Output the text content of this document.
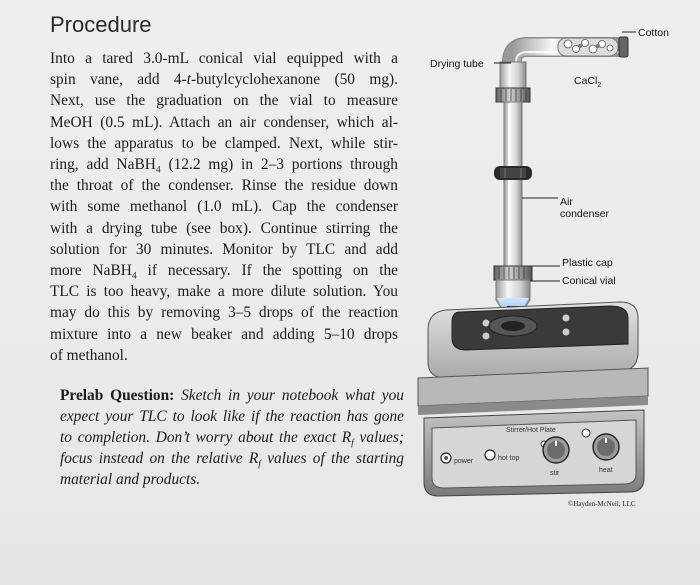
Procedure
Into a tared 3.0-mL conical vial equipped with a
spin vane, add 4-t-butylcyclohexanone (50 mg).
Next, use the graduation on the vial to measure
MeOH (0.5 mL). Attach an air condenser, which al-
lows the apparatus to be clamped. Next, while stir-
ring, add NaBH$_4$ (12.2 mg) in 2–3 portions through
the throat of the condenser. Rinse the residue down
with some methanol (1.0 mL). Cap the condenser
with a drying tube (see box). Continue stirring the
solution for 30 minutes. Monitor by TLC and add
more NaBH$_4$ if necessary. If the spotting on the
TLC is too heavy, make a more dilute solution. You
may do this by removing 3–5 drops of the reaction
mixture into a new beaker and adding 5–10 drops
of methanol.
Prelab Question: Sketch in your notebook what you
expect your TLC to look like if the reaction has gone
to completion. Don’t worry about the exact $R_f$ values;
focus instead on the relative $R_f$ values of the starting
material and products.
Stirrer/Hot Plate
power	hot top
stir	heat
Cotton
Drying tube
CaCl$_2$
Air
condenser
Plastic cap
Conical vial
©Hayden-McNeil, LLC
